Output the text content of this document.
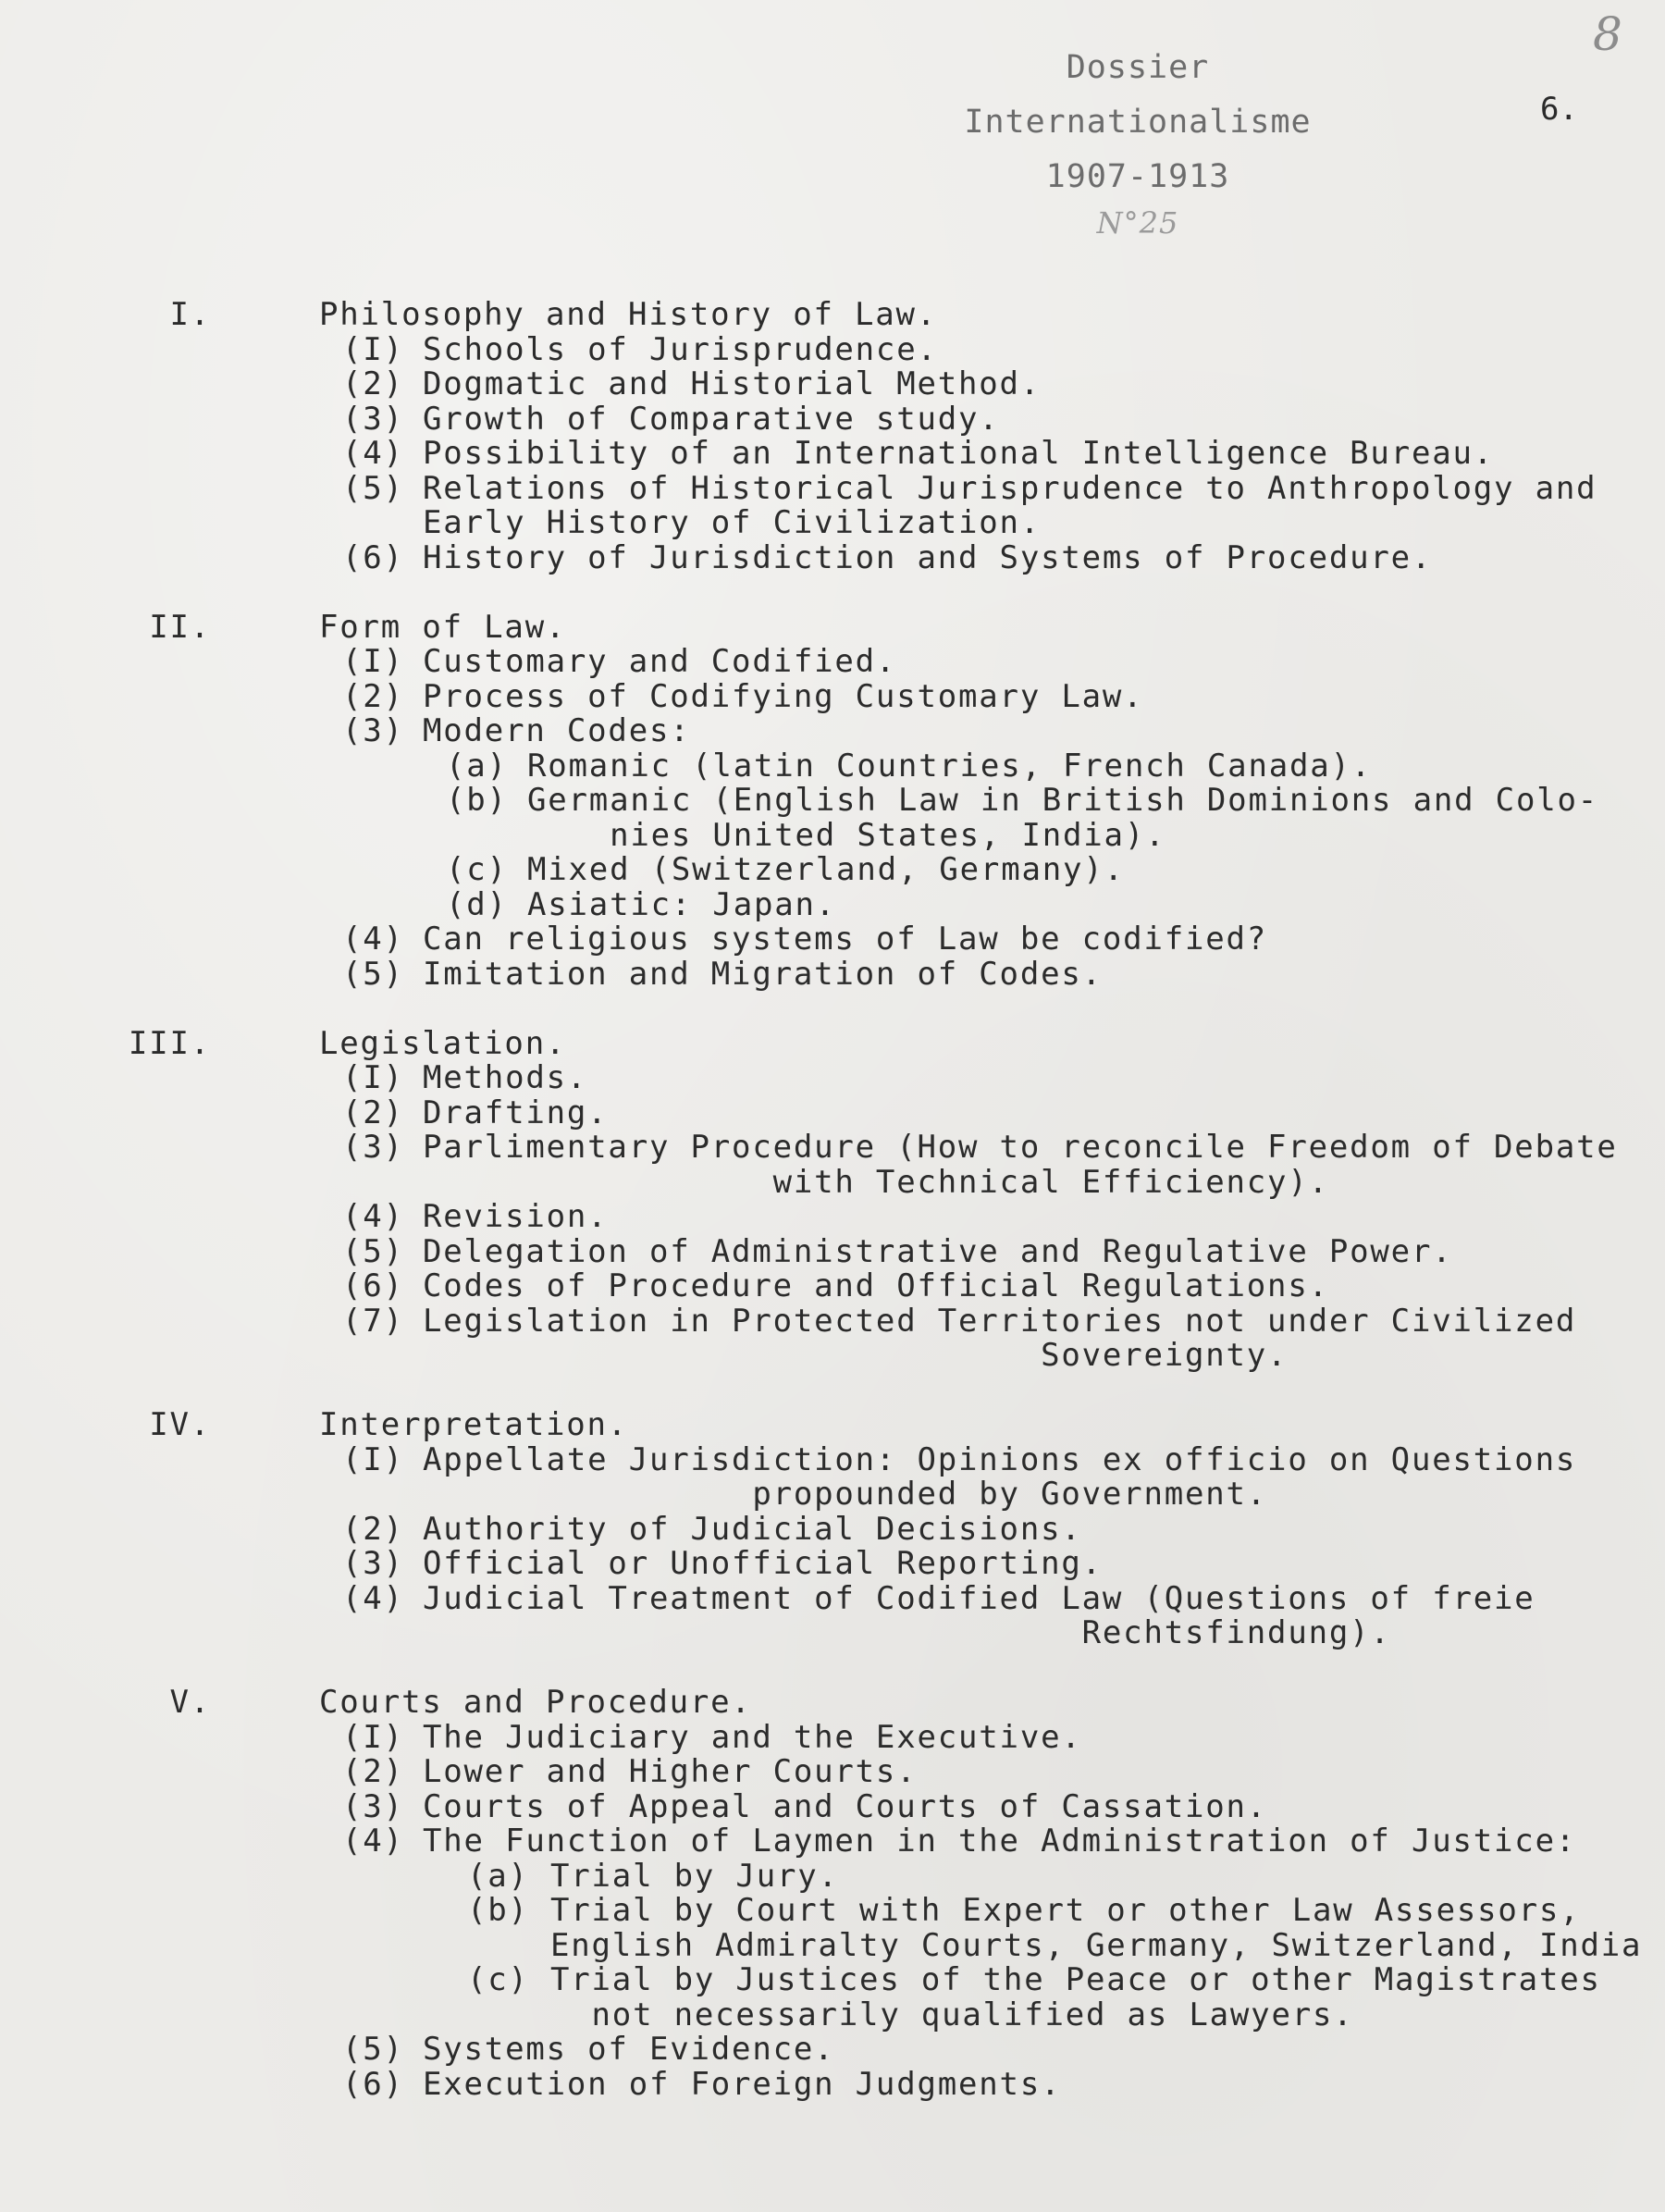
8
Dossier
Internationalisme
1907-1913
N°25
6.
I.	Philosophy and History of Law.
(I) Schools of Jurisprudence.
(2) Dogmatic and Historial Method.
(3) Growth of Comparative study.
(4) Possibility of an International Intelligence Bureau.
(5) Relations of Historical Jurisprudence to Anthropology and
Early History of Civilization.
(6) History of Jurisdiction and Systems of Procedure.
II.	Form of Law.
(I) Customary and Codified.
(2) Process of Codifying Customary Law.
(3) Modern Codes:
(a) Romanic (latin Countries, French Canada).
(b) Germanic (English Law in British Dominions and Colo-
nies United States, India).
(c) Mixed (Switzerland, Germany).
(d) Asiatic: Japan.
(4) Can religious systems of Law be codified?
(5) Imitation and Migration of Codes.
III.	Legislation.
(I) Methods.
(2) Drafting.
(3) Parlimentary Procedure (How to reconcile Freedom of Debate
with Technical Efficiency).
(4) Revision.
(5) Delegation of Administrative and Regulative Power.
(6) Codes of Procedure and Official Regulations.
(7) Legislation in Protected Territories not under Civilized
Sovereignty.
IV.	Interpretation.
(I) Appellate Jurisdiction: Opinions ex officio on Questions
propounded by Government.
(2) Authority of Judicial Decisions.
(3) Official or Unofficial Reporting.
(4) Judicial Treatment of Codified Law (Questions of freie
Rechtsfindung).
V.	Courts and Procedure.
(I) The Judiciary and the Executive.
(2) Lower and Higher Courts.
(3) Courts of Appeal and Courts of Cassation.
(4) The Function of Laymen in the Administration of Justice:
(a) Trial by Jury.
(b) Trial by Court with Expert or other Law Assessors,
English Admiralty Courts, Germany, Switzerland, India
(c) Trial by Justices of the Peace or other Magistrates
not necessarily qualified as Lawyers.
(5) Systems of Evidence.
(6) Execution of Foreign Judgments.
